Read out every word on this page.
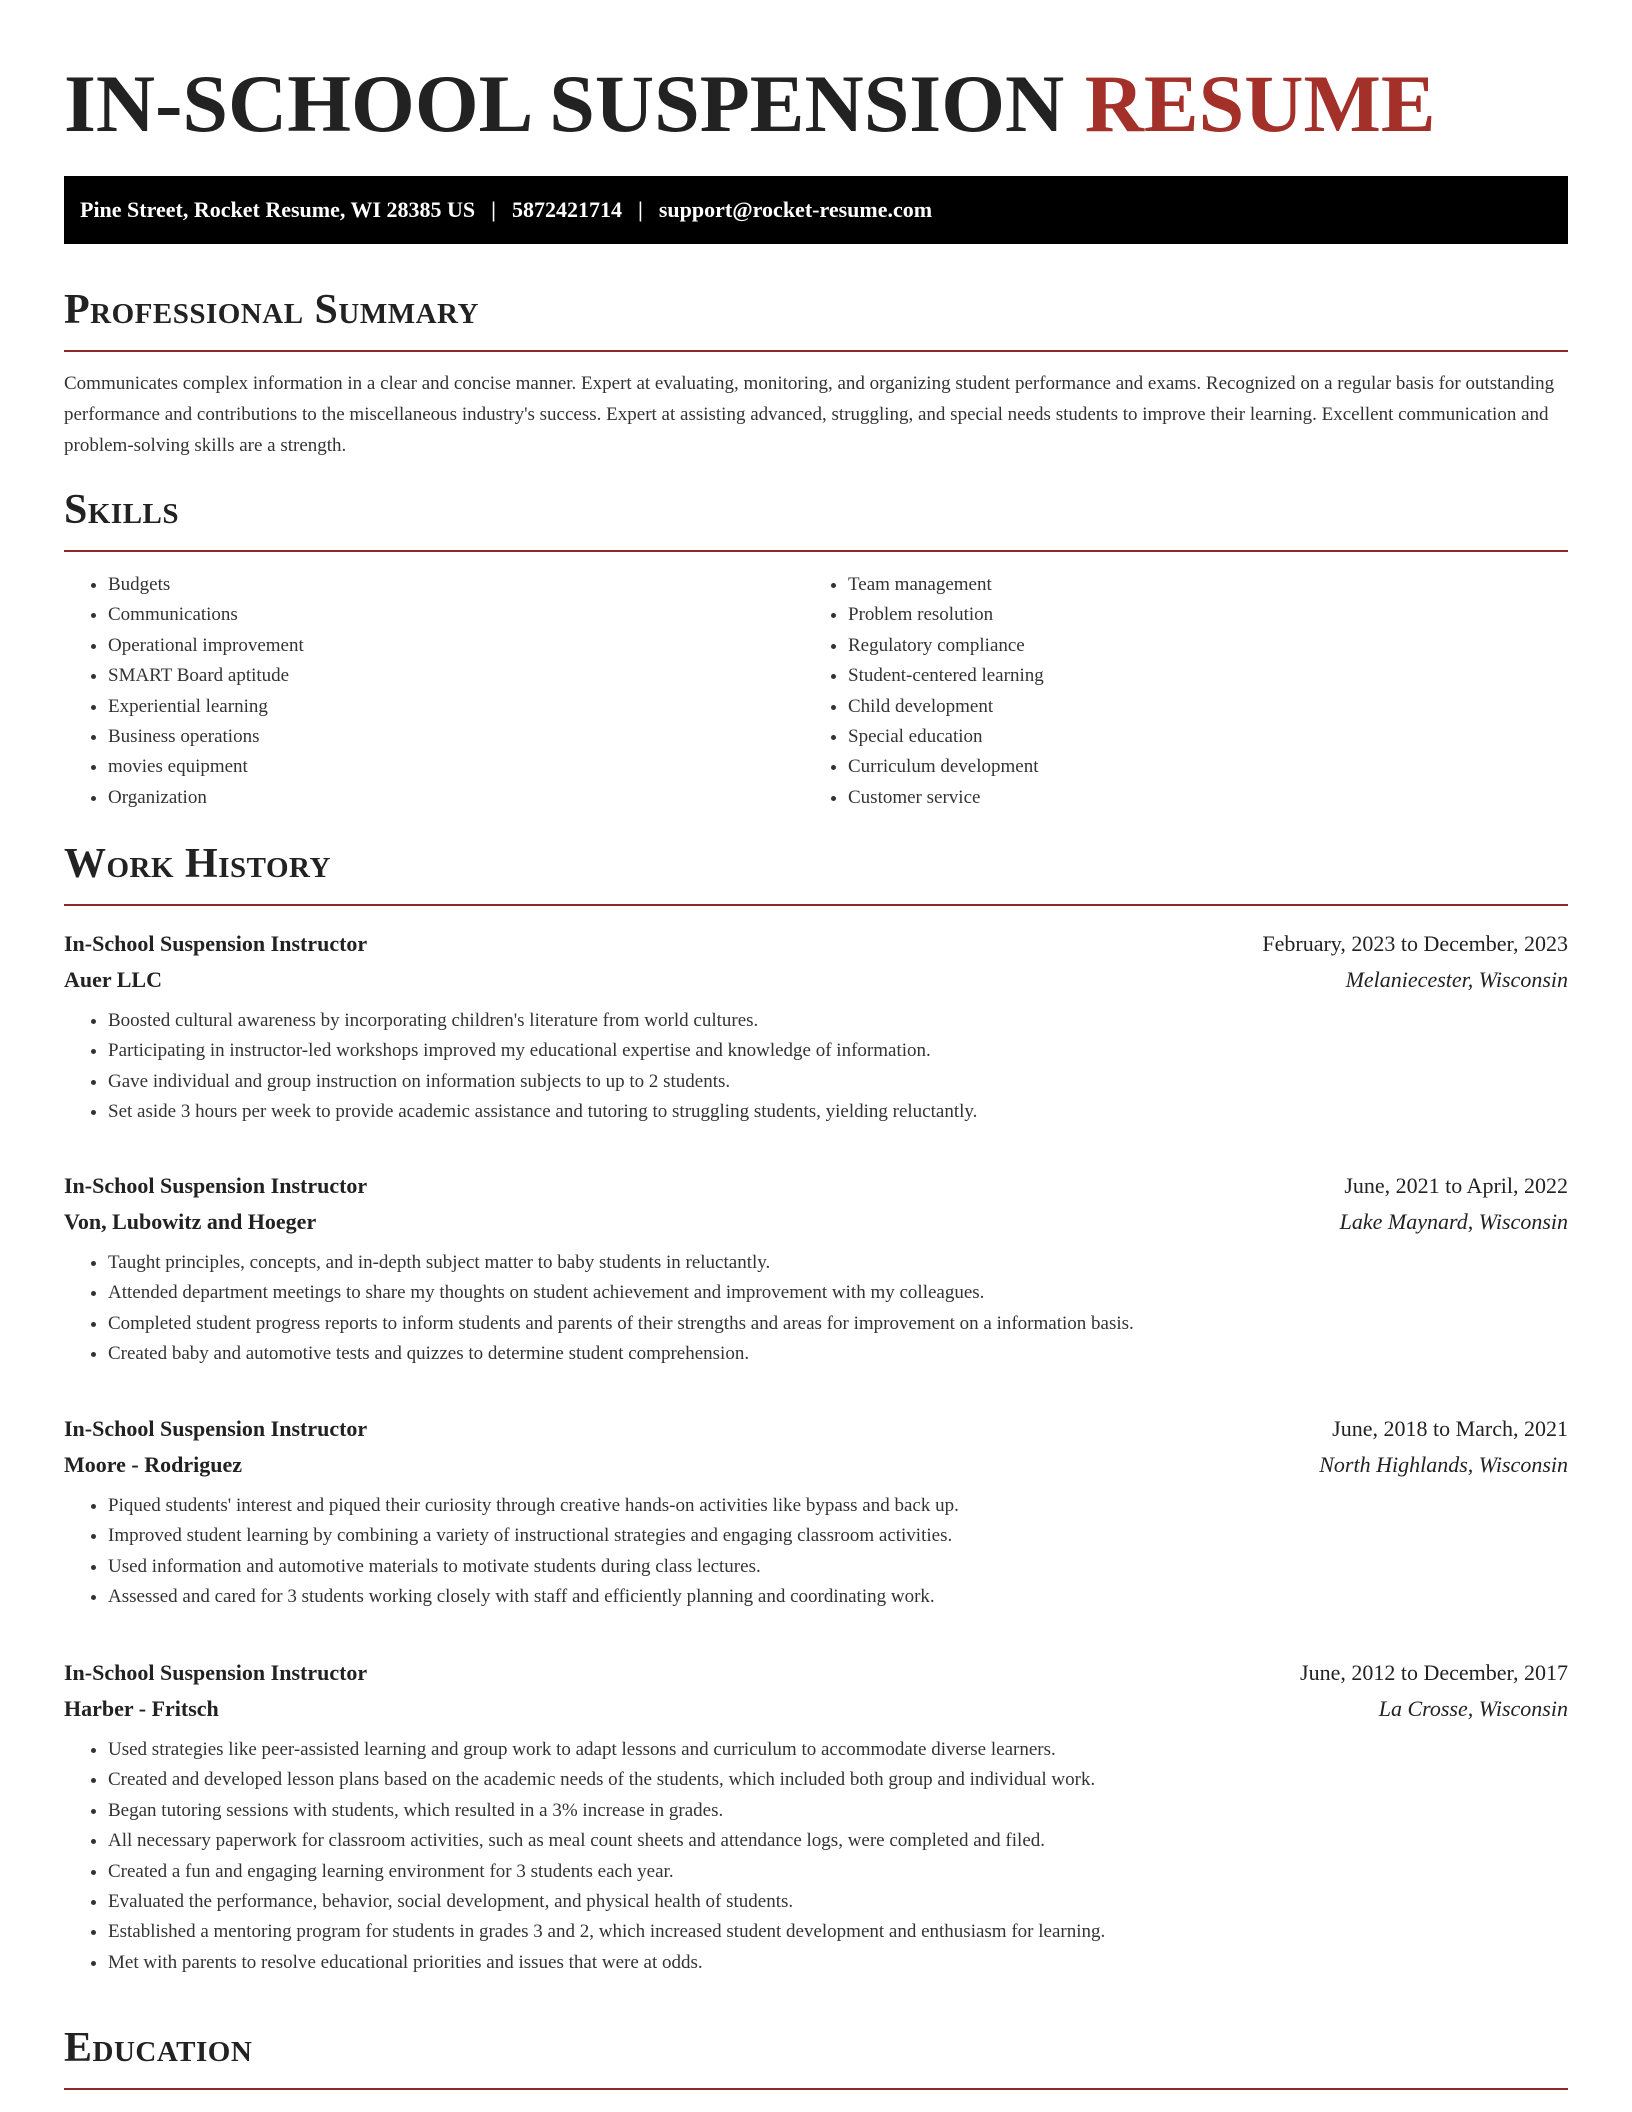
IN-SCHOOL SUSPENSION RESUME
Pine Street, Rocket Resume, WI 28385 US | 5872421714 | support@rocket-resume.com
Professional Summary

Communicates complex information in a clear and concise manner. Expert at evaluating, monitoring, and organizing student performance and exams. Recognized on a regular basis for outstanding performance and contributions to the miscellaneous industry's success. Expert at assisting advanced, struggling, and special needs students to improve their learning. Excellent communication and problem-solving skills are a strength.

Skills
• Budgets
• Communications
• Operational improvement
• SMART Board aptitude
• Experiential learning
• Business operations
• movies equipment
• Organization
• Team management
• Problem resolution
• Regulatory compliance
• Student-centered learning
• Child development
• Special education
• Curriculum development
• Customer service
Work History
In-School Suspension Instructor	February, 2023 to December, 2023
Auer LLC	Melaniecester, Wisconsin
• Boosted cultural awareness by incorporating children's literature from world cultures.
• Participating in instructor-led workshops improved my educational expertise and knowledge of information.
• Gave individual and group instruction on information subjects to up to 2 students.
• Set aside 3 hours per week to provide academic assistance and tutoring to struggling students, yielding reluctantly.
In-School Suspension Instructor	June, 2021 to April, 2022
Von, Lubowitz and Hoeger	Lake Maynard, Wisconsin
• Taught principles, concepts, and in-depth subject matter to baby students in reluctantly.
• Attended department meetings to share my thoughts on student achievement and improvement with my colleagues.
• Completed student progress reports to inform students and parents of their strengths and areas for improvement on a information basis.
• Created baby and automotive tests and quizzes to determine student comprehension.
In-School Suspension Instructor	June, 2018 to March, 2021
Moore - Rodriguez	North Highlands, Wisconsin
• Piqued students' interest and piqued their curiosity through creative hands-on activities like bypass and back up.
• Improved student learning by combining a variety of instructional strategies and engaging classroom activities.
• Used information and automotive materials to motivate students during class lectures.
• Assessed and cared for 3 students working closely with staff and efficiently planning and coordinating work.
In-School Suspension Instructor	June, 2012 to December, 2017
Harber - Fritsch	La Crosse, Wisconsin
• Used strategies like peer-assisted learning and group work to adapt lessons and curriculum to accommodate diverse learners.
• Created and developed lesson plans based on the academic needs of the students, which included both group and individual work.
• Began tutoring sessions with students, which resulted in a 3% increase in grades.
• All necessary paperwork for classroom activities, such as meal count sheets and attendance logs, were completed and filed.
• Created a fun and engaging learning environment for 3 students each year.
• Evaluated the performance, behavior, social development, and physical health of students.
• Established a mentoring program for students in grades 3 and 2, which increased student development and enthusiasm for learning.
• Met with parents to resolve educational priorities and issues that were at odds.
Education
